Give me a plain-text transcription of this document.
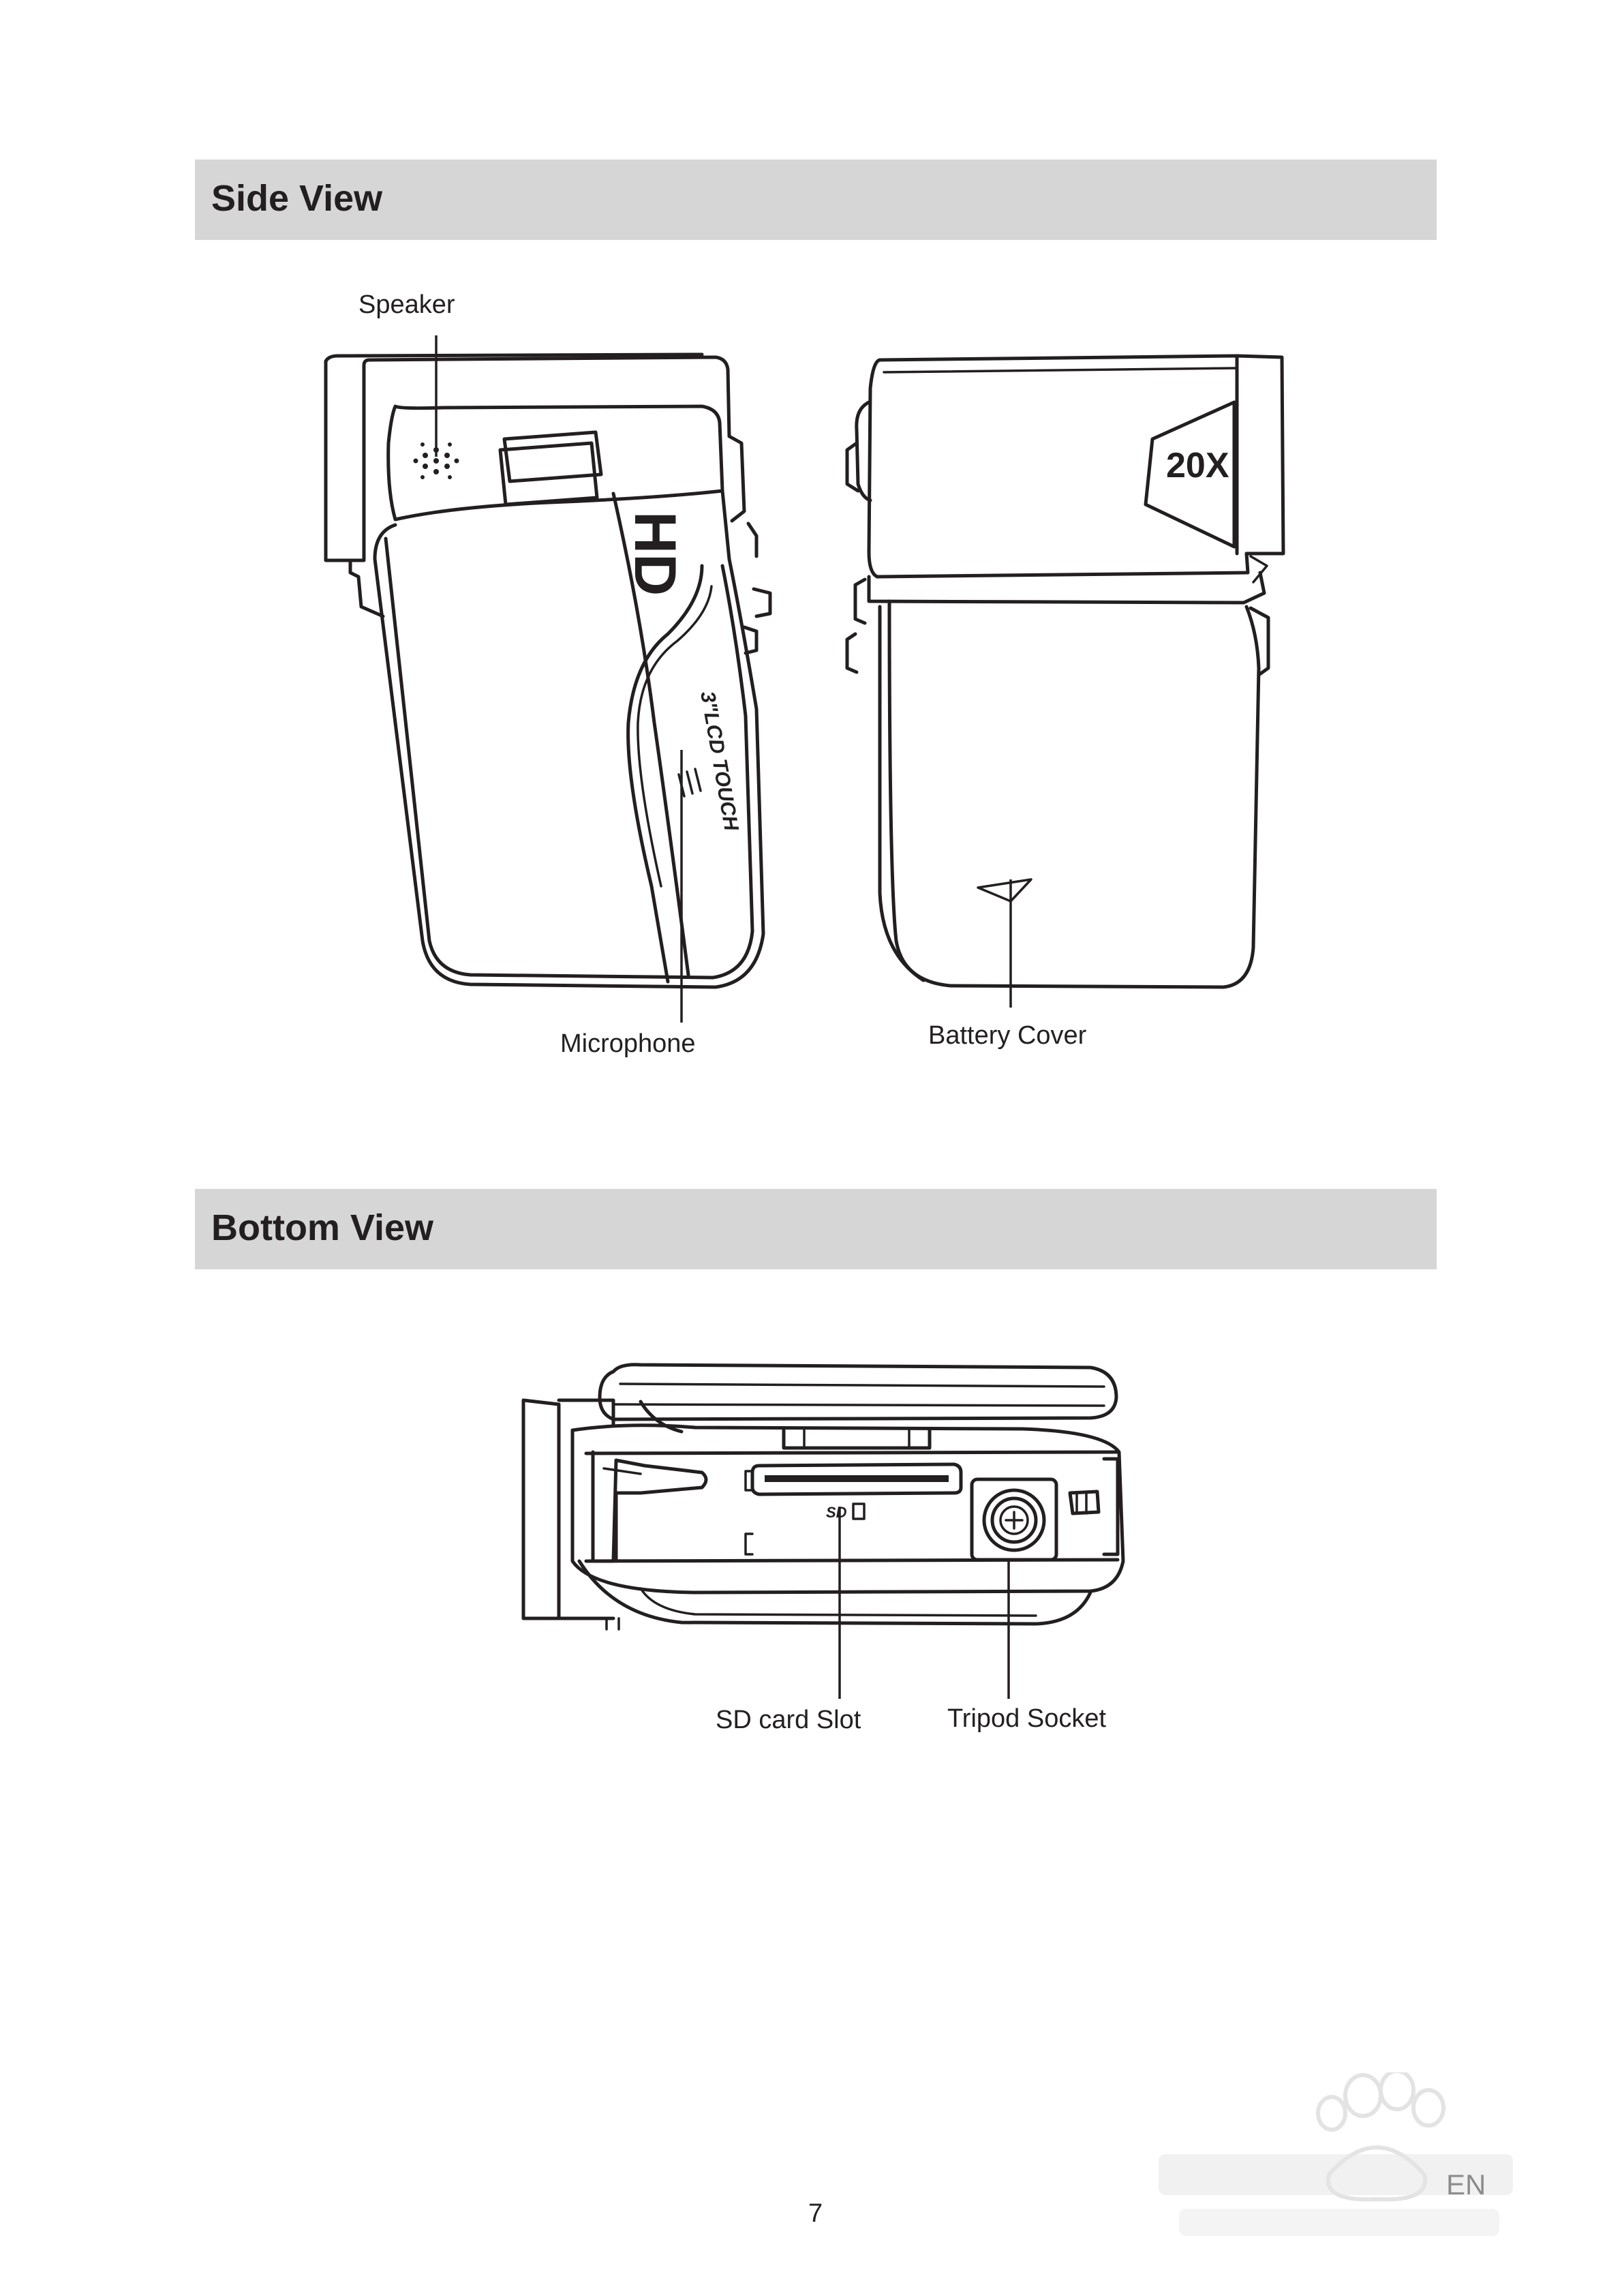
Side View
Speaker
HD
3"LCD TOUCH
20X
Microphone	Battery Cover
Bottom View
SD
SD card Slot	Tripod Socket
7
